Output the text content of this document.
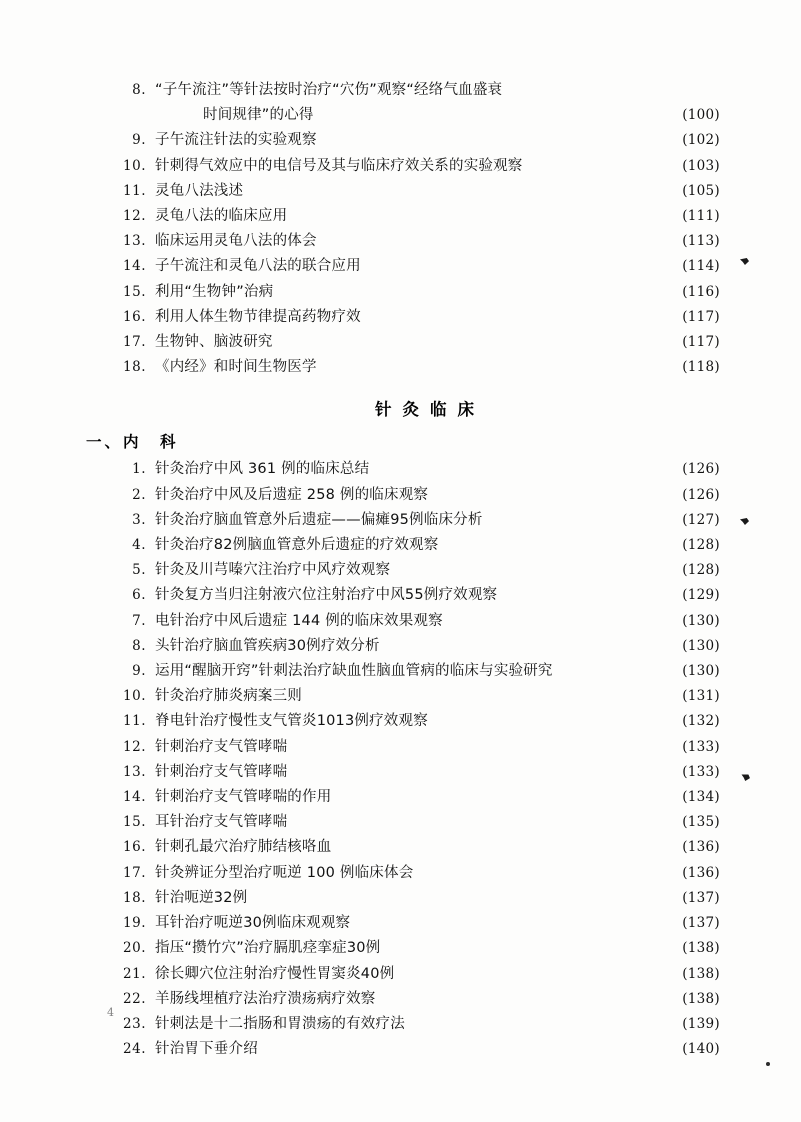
8. “子午流注”等针法按时治疗“穴伤”观察“经络气血盛衰
时间规律”的心得 ·····	(100)
9. 子午流注针法的实验观察 ·····	(102)
10. 针刺得气效应中的电信号及其与临床疗效关系的实验观察 ·····	(103)
11. 灵龟八法浅述 ·····	(105)
12. 灵龟八法的临床应用 ·····	(111)
13. 临床运用灵龟八法的体会 ·····	(113)
14. 子午流注和灵龟八法的联合应用 ·····	(114)
15. 利用“生物钟”治病 ·····	(116)
16. 利用人体生物节律提高药物疗效 ·····	(117)
17. 生物钟、脑波研究 ·····	(117)
18. 《内经》和时间生物医学 ·····	(118)
针灸临床
一、内　科
1. 针灸治疗中风 361 例的临床总结 ·····	(126)
2. 针灸治疗中风及后遗症 258 例的临床观察 ·····	(126)
3. 针灸治疗脑血管意外后遗症——偏瘫95例临床分析 ·····	(127)
4. 针灸治疗82例脑血管意外后遗症的疗效观察 ·····	(128)
5. 针灸及川芎嗪穴注治疗中风疗效观察 ·····	(128)
6. 针灸复方当归注射液穴位注射治疗中风55例疗效观察 ·····	(129)
7. 电针治疗中风后遗症 144 例的临床效果观察 ·····	(130)
8. 头针治疗脑血管疾病30例疗效分析 ·····	(130)
9. 运用“醒脑开窍”针刺法治疗缺血性脑血管病的临床与实验研究 ·····	(130)
10. 针灸治疗肺炎病案三则 ·····	(131)
11. 脊电针治疗慢性支气管炎1013例疗效观察 ·····	(132)
12. 针刺治疗支气管哮喘 ·····	(133)
13. 针刺治疗支气管哮喘 ·····	(133)
14. 针刺治疗支气管哮喘的作用 ·····	(134)
15. 耳针治疗支气管哮喘 ·····	(135)
16. 针刺孔最穴治疗肺结核咯血 ·····	(136)
17. 针灸辨证分型治疗呃逆 100 例临床体会 ·····	(136)
18. 针治呃逆32例 ·····	(137)
19. 耳针治疗呃逆30例临床观观察 ·····	(137)
20. 指压“攒竹穴”治疗膈肌痉挛症30例 ·····	(138)
21. 徐长卿穴位注射治疗慢性胃窦炎40例 ·····	(138)
22. 羊肠线埋植疗法治疗溃疡病疗效察 ·····	(138)
23. 针刺法是十二指肠和胃溃疡的有效疗法 ·····	(139)
24. 针治胃下垂介绍 ·····	(140)
4
